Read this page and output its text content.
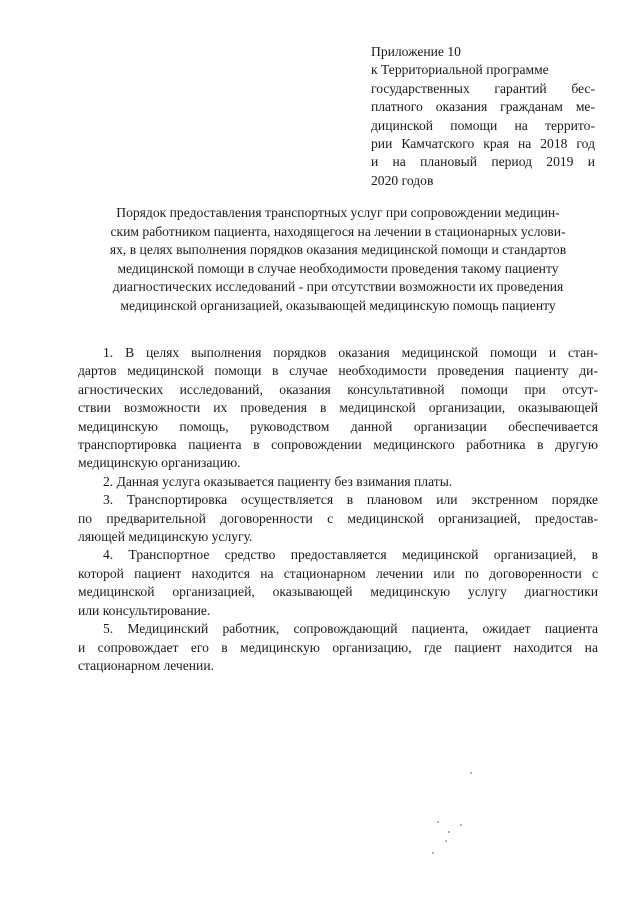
Приложение 10
к Территориальной программе
государственных гарантий бес-
платного оказания гражданам ме-
дицинской помощи на террито-
рии Камчатского края на 2018 год
и на плановый период 2019 и
2020 годов
Порядок предоставления транспортных услуг при сопровождении медицин-
ским работником пациента, находящегося на лечении в стационарных услови-
ях, в целях выполнения порядков оказания медицинской помощи и стандартов
медицинской помощи в случае необходимости проведения такому пациенту
диагностических исследований - при отсутствии возможности их проведения
медицинской организацией, оказывающей медицинскую помощь пациенту
1. В целях выполнения порядков оказания медицинской помощи и стан-
дартов медицинской помощи в случае необходимости проведения пациенту ди-
агностических исследований, оказания консультативной помощи при отсут-
ствии возможности их проведения в медицинской организации, оказывающей
медицинскую помощь, руководством данной организации обеспечивается
транспортировка пациента в сопровождении медицинского работника в другую
медицинскую организацию.
2. Данная услуга оказывается пациенту без взимания платы.
3. Транспортировка осуществляется в плановом или экстренном порядке
по предварительной договоренности с медицинской организацией, предостав-
ляющей медицинскую услугу.
4. Транспортное средство предоставляется медицинской организацией, в
которой пациент находится на стационарном лечении или по договоренности с
медицинской организацией, оказывающей медицинскую услугу диагностики
или консультирование.
5. Медицинский работник, сопровождающий пациента, ожидает пациента
и сопровождает его в медицинскую организацию, где пациент находится на
стационарном лечении.
